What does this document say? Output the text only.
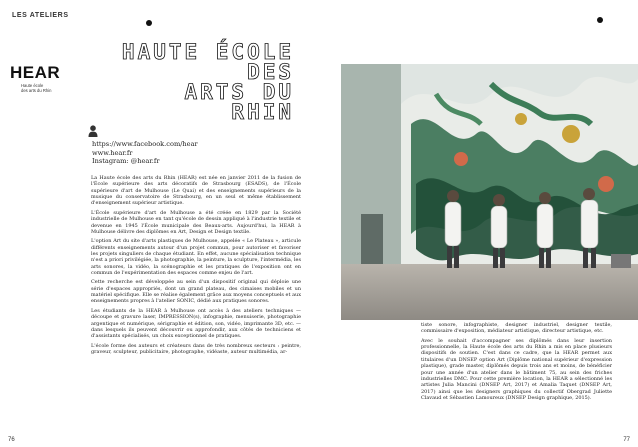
LES ATELIERS
HEAR
Haute école
des arts du Rhin
HAUTE ÉCOLE DES
ARTS DU RHIN
https://www.facebook.com/hear
www.hear.fr
Instagram: @hear.fr

La Haute école des arts du Rhin (HEAR) est née en janvier 2011 de la fusion de l'École supérieure des arts décoratifs de Strasbourg (ESADS), de l'École supérieure d'art de Mulhouse (Le Quai) et des enseignements supérieurs de la musique du conservatoire de Strasbourg, en un seul et même établissement d'enseignement supérieur artistique.

L'École supérieure d'art de Mulhouse a été créée en 1829 par la Société industrielle de Mulhouse en tant qu'école de dessin appliqué à l'industrie textile et devenue en 1945 l'École municipale des Beaux-arts. Aujourd'hui, la HEAR à Mulhouse délivre des diplômes en Art, Design et Design textile.

L'option Art du site d'arts plastiques de Mulhouse, appelée « Le Plateau », articule différents enseignements autour d'un projet commun, pour autoriser et favoriser les projets singuliers de chaque étudiant. En effet, aucune spécialisation technique n'est a priori privilégiée, la photographie, la peinture, la sculpture, l'intermédia, les arts sonores, la vidéo, la scénographie et les pratiques de l'exposition ont en commun de l'expérimentation des espaces comme enjeu de l'art.

Cette recherche est développée au sein d'un dispositif original qui déploie une série d'espaces appropriés, dont un grand plateau, des cimaises mobiles et un matériel spécifique. Elle se réalise également grâce aux moyens conceptuels et aux enseignements propres à l'atelier SONIC, dédié aux pratiques sonores.

Les étudiants de la HEAR à Mulhouse ont accès à des ateliers techniques — découpe et gravure laser, IMPRESSION(s), infographie, menuiserie, photographie argentique et numérique, sérigraphie et édition, son, vidéo, imprimante 3D, etc. — dans lesquels ils peuvent découvrir ou approfondir, aux côtés de techniciens et d'assistants spécialisés, un choix exceptionnel de pratiques.

L'école forme des auteurs et créateurs dans de très nombreux secteurs : peintre, graveur, sculpteur, publicitaire, photographe, vidéaste, auteur multimédia, ar-

tiste sonore, infographiste, designer industriel, designer textile, commissaire d'exposition, médiateur artistique, directeur artistique, etc.

Avec le souhait d'accompagner ses diplômés dans leur insertion professionnelle, la Haute école des arts du Rhin a mis en place plusieurs dispositifs de soutien. C'est dans ce cadre, que la HEAR permet aux titulaires d'un DNSEP option Art (Diplôme national supérieur d'expression plastique), grade master, diplômés depuis trois ans et moins, de bénéficier pour une année d'un atelier dans le bâtiment 75, au sein des friches industrielles DMC. Pour cette première location, la HEAR a sélectionné les artistes Julia Mancini (DNSEP Art, 2017) et Amalia Taquet (DNSEP Art, 2017) ainsi que les designers graphiques du collectif Obergrad Juliette Clavaud et Sébastien Lamoureux (DNSEP Design graphique, 2015).

76	77
